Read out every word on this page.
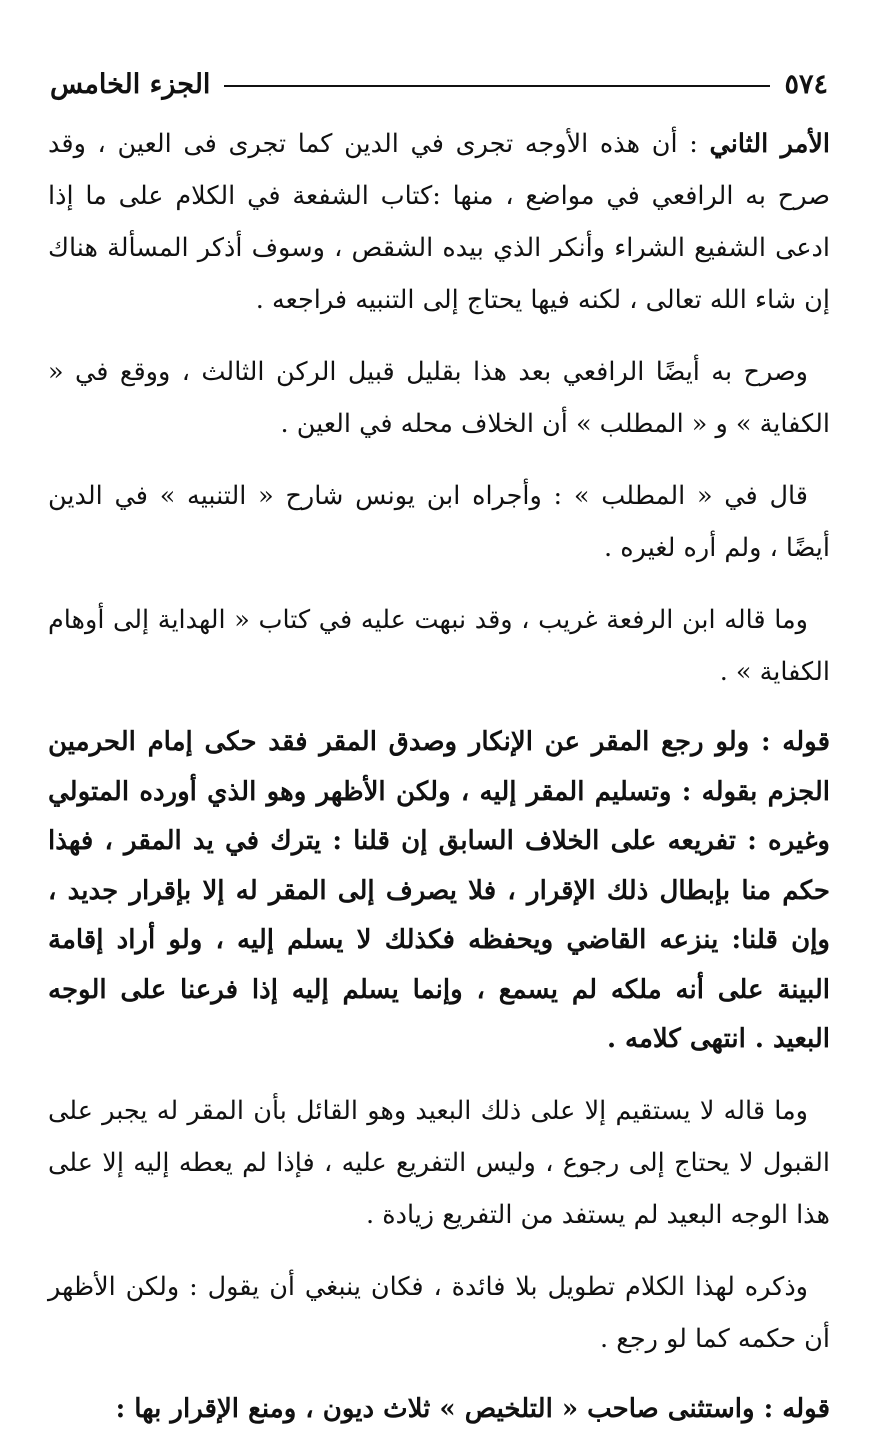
٥٧٤
الجزء الخامس

الأمر الثاني : أن هذه الأوجه تجرى في الدين كما تجرى فى العين ، وقد صرح به الرافعي في مواضع ، منها :كتاب الشفعة في الكلام على ما إذا ادعى الشفيع الشراء وأنكر الذي بيده الشقص ، وسوف أذكر المسألة هناك إن شاء الله تعالى ، لكنه فيها يحتاج إلى التنبيه فراجعه .

وصرح به أيضًا الرافعي بعد هذا بقليل قبيل الركن الثالث ، ووقع في « الكفاية » و « المطلب » أن الخلاف محله في العين .

قال في « المطلب » : وأجراه ابن يونس شارح « التنبيه » في الدين أيضًا ، ولم أره لغيره .

وما قاله ابن الرفعة غريب ، وقد نبهت عليه في كتاب « الهداية إلى أوهام الكفاية » .

قوله : ولو رجع المقر عن الإنكار وصدق المقر فقد حكى إمام الحرمين الجزم بقوله : وتسليم المقر إليه ، ولكن الأظهر وهو الذي أورده المتولي وغيره : تفريعه على الخلاف السابق إن قلنا : يترك في يد المقر ، فهذا حكم منا بإبطال ذلك الإقرار ، فلا يصرف إلى المقر له إلا بإقرار جديد ، وإن قلنا: ينزعه القاضي ويحفظه فكذلك لا يسلم إليه ، ولو أراد إقامة البينة على أنه ملكه لم يسمع ، وإنما يسلم إليه إذا فرعنا على الوجه البعيد . انتهى كلامه .

وما قاله لا يستقيم إلا على ذلك البعيد وهو القائل بأن المقر له يجبر على القبول لا يحتاج إلى رجوع ، وليس التفريع عليه ، فإذا لم يعطه إليه إلا على هذا الوجه البعيد لم يستفد من التفريع زيادة .

وذكره لهذا الكلام تطويل بلا فائدة ، فكان ينبغي أن يقول : ولكن الأظهر أن حكمه كما لو رجع .

قوله : واستثنى صاحب « التلخيص » ثلاث ديون ، ومنع الإقرار بها :
